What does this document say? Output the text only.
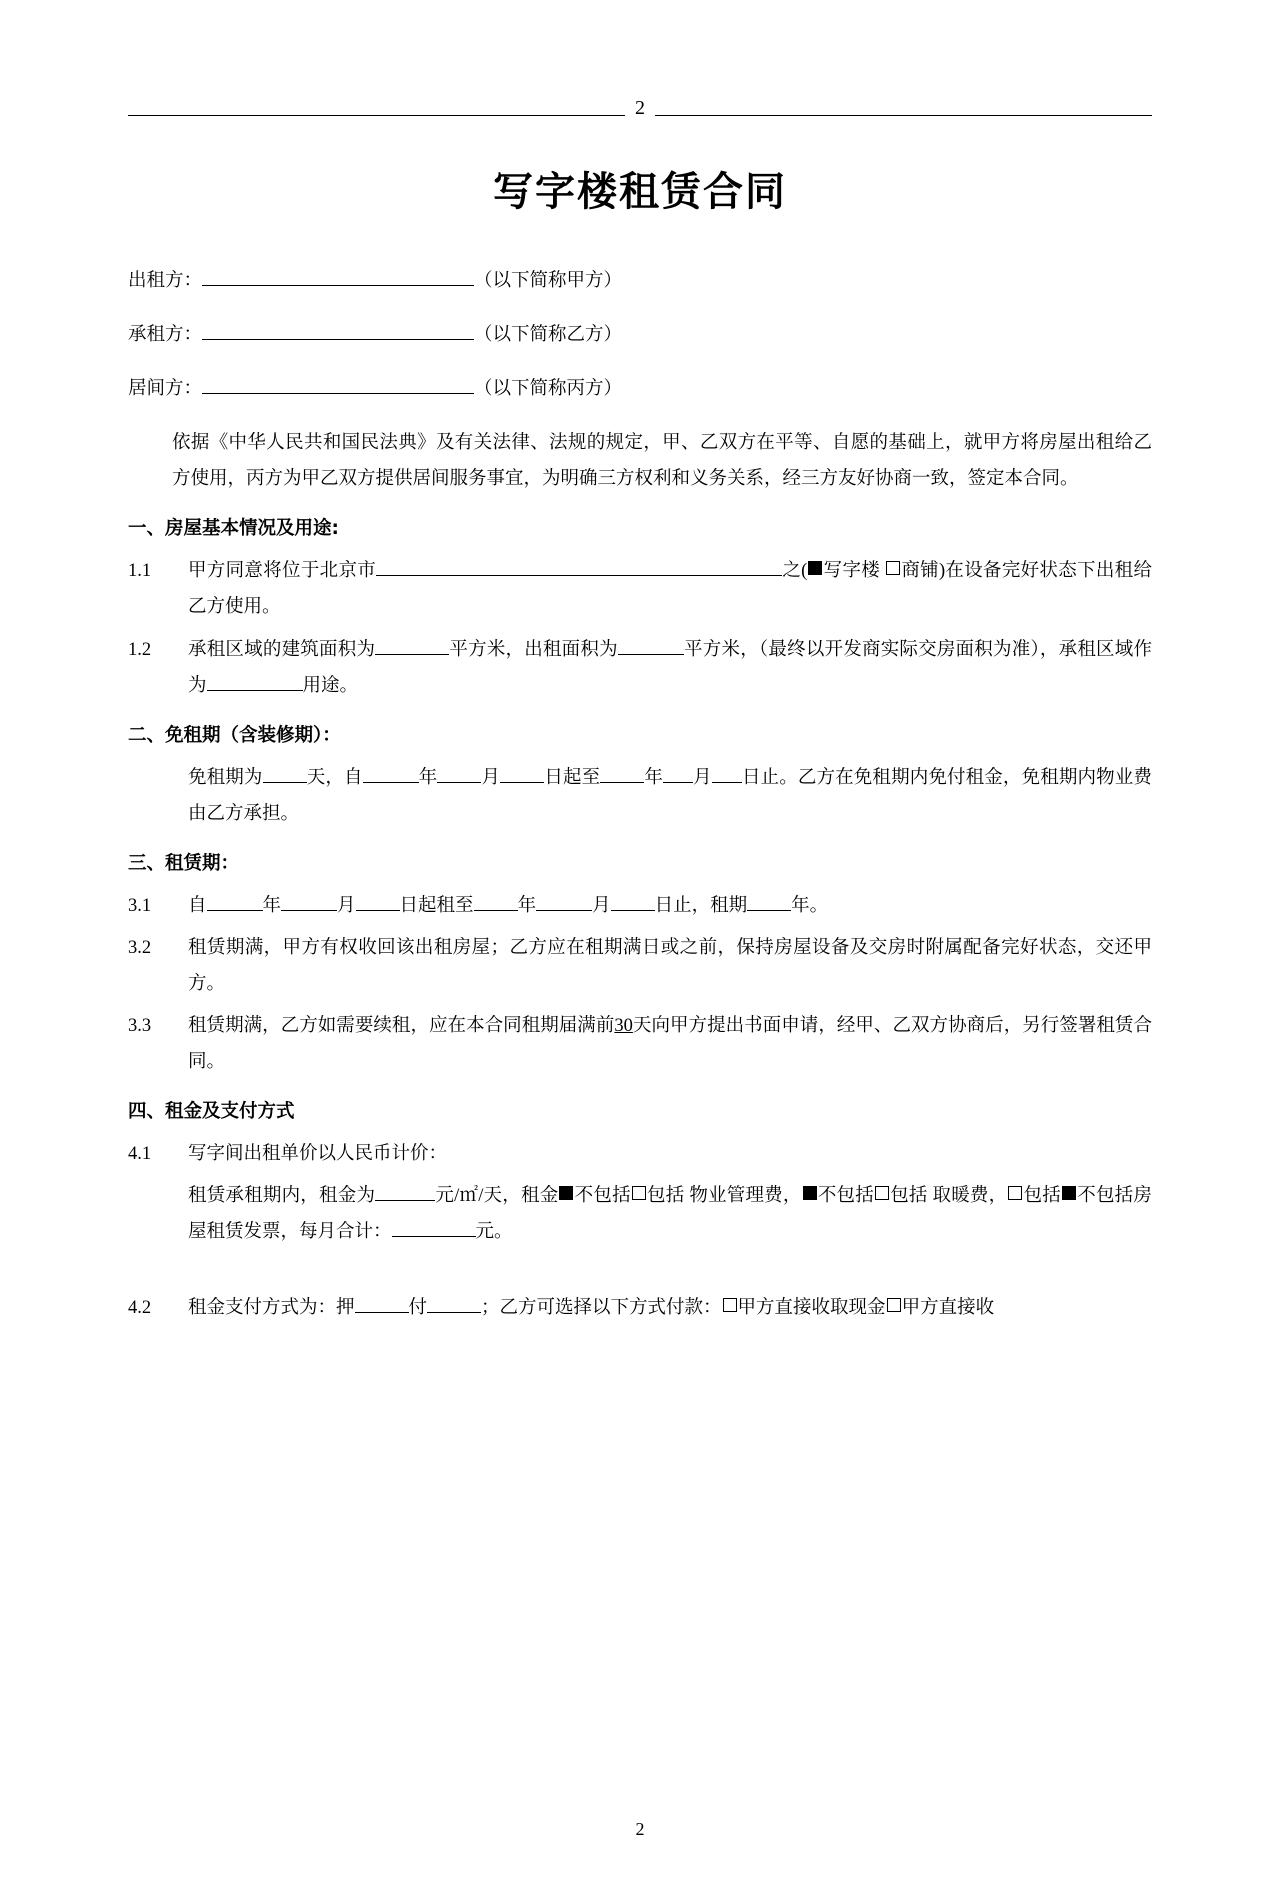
2
写字楼租赁合同

出租方：	（以下简称甲方）

承租方：	（以下简称乙方）

居间方：	（以下简称丙方）

依据《中华人民共和国民法典》及有关法律、法规的规定，甲、乙双方在平等、自愿的基础上，就甲方将房屋出租给乙方使用，丙方为甲乙双方提供居间服务事宜，为明确三方权利和义务关系，经三方友好协商一致，签定本合同。

一、房屋基本情况及用途:

1.1	甲方同意将位于北京市	之( 写字楼 商铺)在设备完好状态下出租给乙方使用。
1.2	承租区域的建筑面积为	平方米，出租面积为	平方米，（最终以开发商实际交房面积为准），承租区域作为	用途。

二、免租期（含装修期）：

免租期为 天，自	年 月 日起至 年 月 日止。乙方在免租期内免付租金，免租期内物业费由乙方承担。

三、租赁期：

3.1	自	年	月 日起租至 年	月 日止，租期 年。
3.2	租赁期满，甲方有权收回该出租房屋；乙方应在租期满日或之前，保持房屋设备及交房时附属配备完好状态，交还甲方。
3.3	租赁期满，乙方如需要续租，应在本合同租期届满前30天向甲方提出书面申请，经甲、乙双方协商后，另行签署租赁合同。

四、租金及支付方式

4.1	写字间出租单价以人民币计价：
租赁承租期内，租金为	元/㎡/天，租金 不包括 包括 物业管理费， 不包括 包括 取暖费， 包括 不包括房屋租赁发票，每月合计：	元。
4.2	租金支付方式为：押	付	；乙方可选择以下方式付款： 甲方直接收取现金 甲方直接收
2
